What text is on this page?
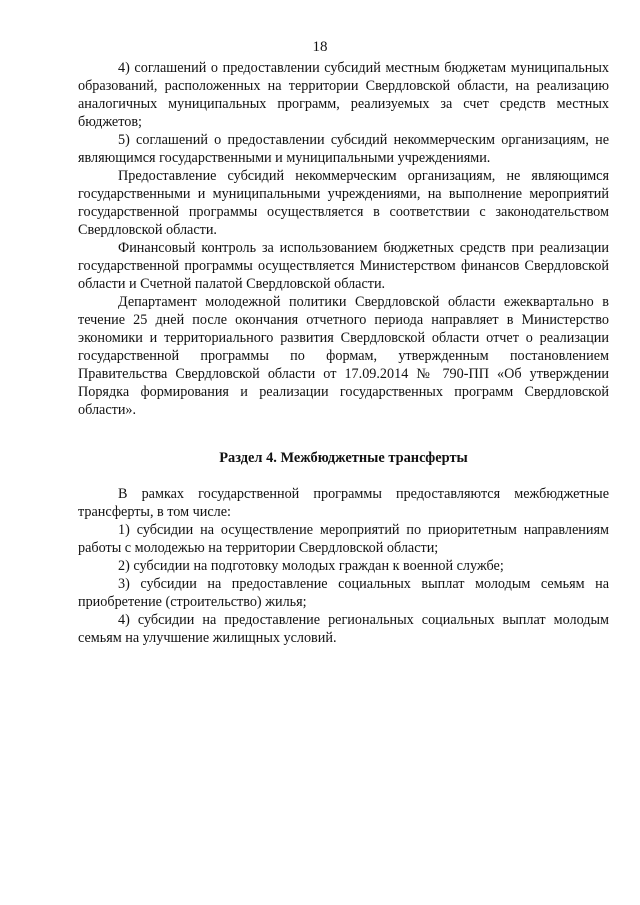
18

4) соглашений о предоставлении субсидий местным бюджетам муниципальных образований, расположенных на территории Свердловской области, на реализацию аналогичных муниципальных программ, реализуемых за счет средств местных бюджетов;

5) соглашений о предоставлении субсидий некоммерческим организациям, не являющимся государственными и муниципальными учреждениями.

Предоставление субсидий некоммерческим организациям, не являющимся государственными и муниципальными учреждениями, на выполнение мероприятий государственной программы осуществляется в соответствии с законодательством Свердловской области.

Финансовый контроль за использованием бюджетных средств при реализации государственной программы осуществляется Министерством финансов Свердловской области и Счетной палатой Свердловской области.

Департамент молодежной политики Свердловской области ежеквартально в течение 25 дней после окончания отчетного периода направляет в Министерство экономики и территориального развития Свердловской области отчет о реализации государственной программы по формам, утвержденным постановлением Правительства Свердловской области от 17.09.2014 № 790-ПП «Об утверждении Порядка формирования и реализации государственных программ Свердловской области».

Раздел 4. Межбюджетные трансферты

В рамках государственной программы предоставляются межбюджетные трансферты, в том числе:

1) субсидии на осуществление мероприятий по приоритетным направлениям работы с молодежью на территории Свердловской области;

2) субсидии на подготовку молодых граждан к военной службе;

3) субсидии на предоставление социальных выплат молодым семьям на приобретение (строительство) жилья;

4) субсидии на предоставление региональных социальных выплат молодым семьям на улучшение жилищных условий.
